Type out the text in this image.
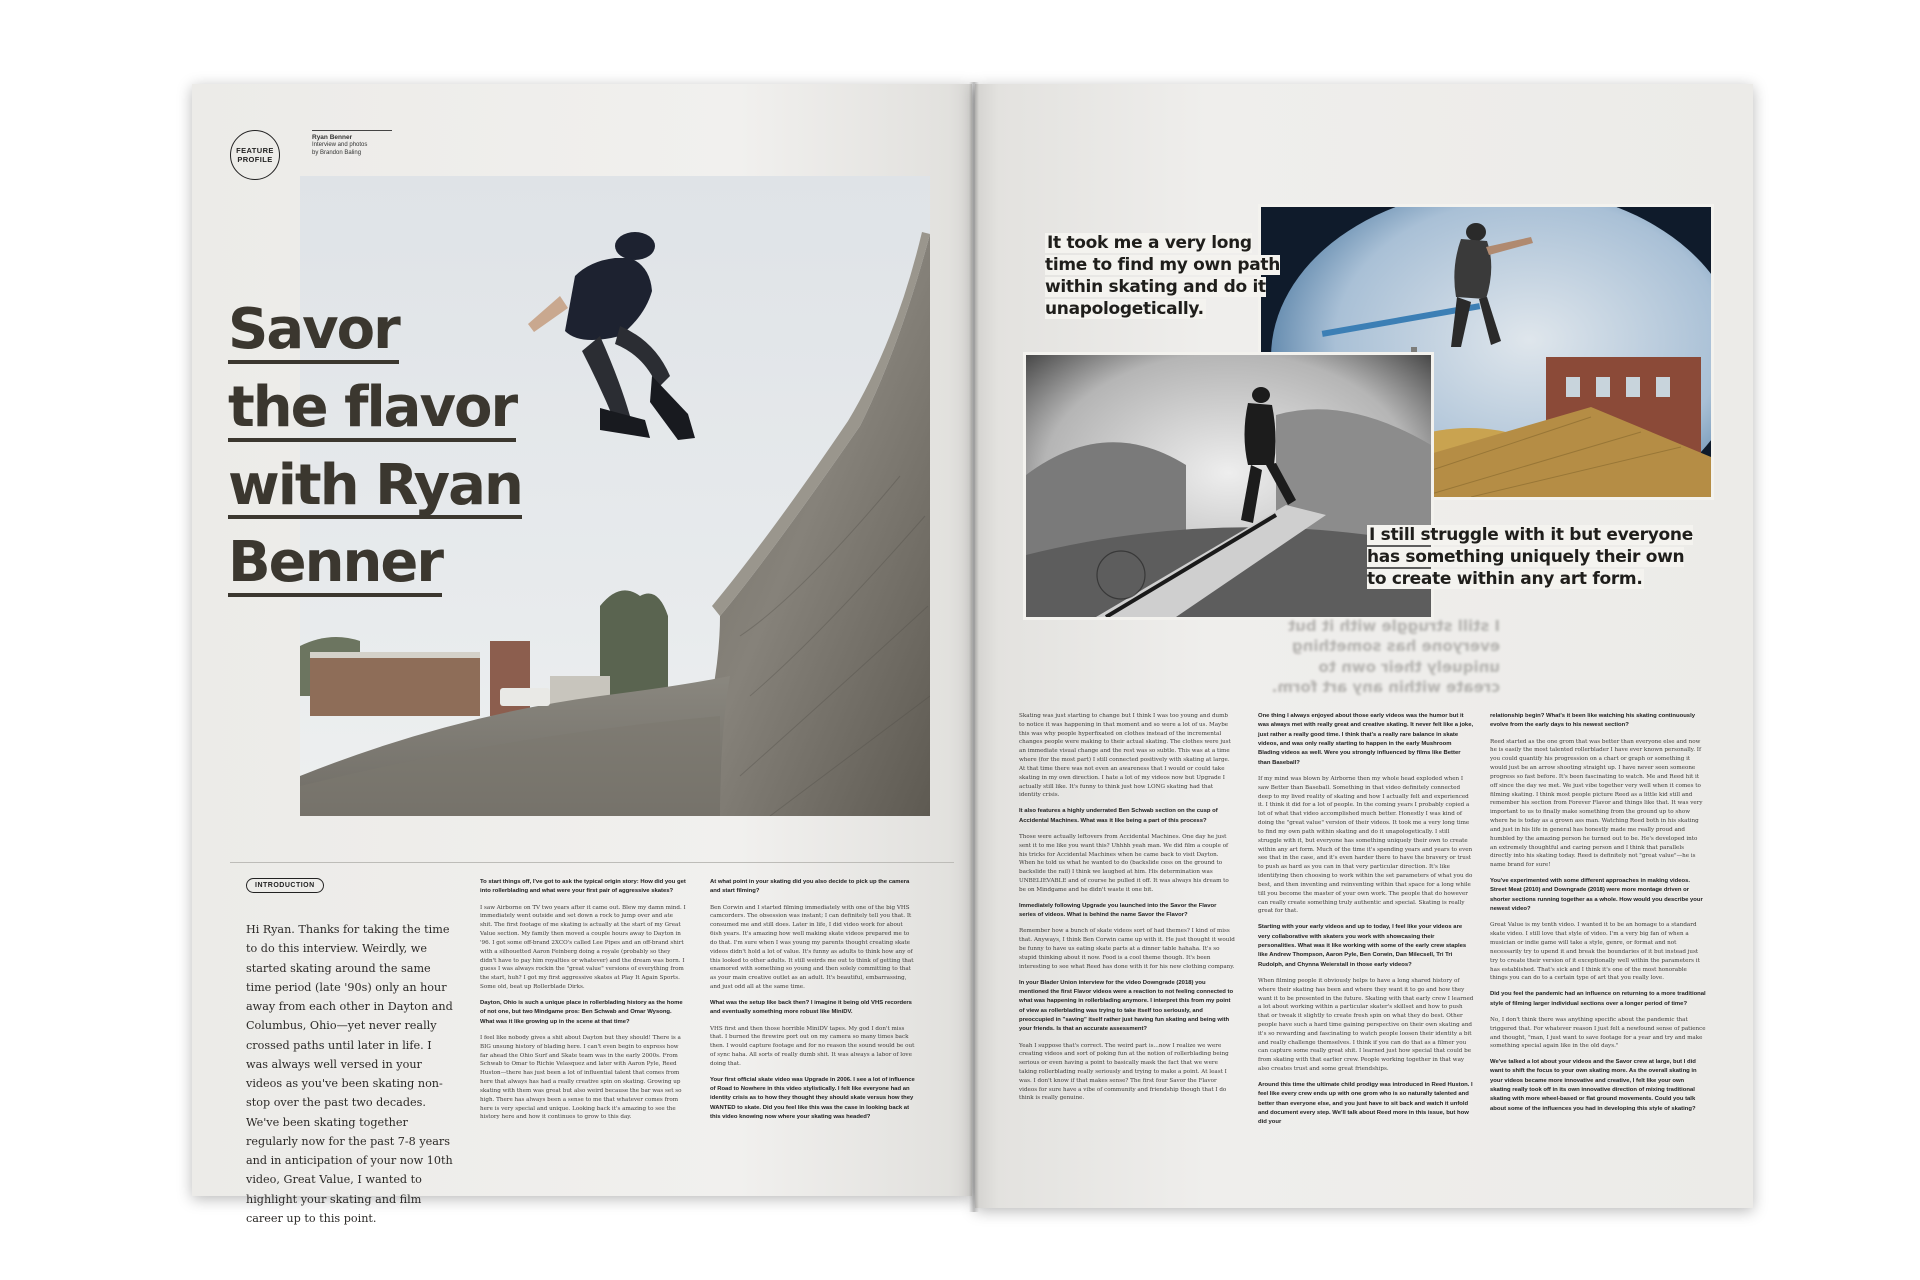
FEATURE
PROFILE
Ryan Benner
Interview and photos
by Brandon Baling
Savor
the flavor
with Ryan
Benner
INTRODUCTION
Hi Ryan. Thanks for taking the time to do this interview. Weirdly, we started skating around the same time period (late '90s) only an hour away from each other in Dayton and Columbus, Ohio—yet never really crossed paths until later in life. I was always well versed in your videos as you've been skating non-stop over the past two decades. We've been skating together regularly now for the past 7-8 years and in anticipation of your now 10th video, Great Value, I wanted to highlight your skating and film career up to this point.

To start things off, I've got to ask the typical origin story: How did you get into rollerblading and what were your first pair of aggressive skates?

I saw Airborne on TV two years after it came out. Blew my damn mind. I immediately went outside and set down a rock to jump over and ate shit. The first footage of me skating is actually at the start of my Great Value section. My family then moved a couple hours away to Dayton in '96. I got some off-brand 2XCO's called Lee Pipes and an off-brand shirt with a silhouetted Aaron Feinberg doing a royale (probably so they didn't have to pay him royalties or whatever) and the dream was born. I guess I was always rockin the "great value" versions of everything from the start, huh? I got my first aggressive skates at Play It Again Sports. Some old, beat up Rollerblade Dirks.

Dayton, Ohio is such a unique place in rollerblading history as the home of not one, but two Mindgame pros: Ben Schwab and Omar Wysong. What was it like growing up in the scene at that time?

I feel like nobody gives a shit about Dayton but they should! There is a BIG unsung history of blading here. I can't even begin to express how far ahead the Ohio Surf and Skate team was in the early 2000s. From Schwab to Omar to Richie Velasquez and later with Aaron Pyle, Reed Huston—there has just been a lot of influential talent that comes from here that always has had a really creative spin on skating. Growing up skating with them was great but also weird because the bar was set so high. There has always been a sense to me that whatever comes from here is very special and unique. Looking back it's amazing to see the history here and how it continues to grow to this day.

At what point in your skating did you also decide to pick up the camera and start filming?

Ben Corwin and I started filming immediately with one of the big VHS camcorders. The obsession was instant; I can definitely tell you that. It consumed me and still does. Later in life, I did video work for about 6ish years. It's amazing how well making skate videos prepared me to do that. I'm sure when I was young my parents thought creating skate videos didn't hold a lot of value. It's funny as adults to think how any of this looked to other adults. It still weirds me out to think of getting that enamored with something so young and then solely committing to that as your main creative outlet as an adult. It's beautiful, embarrassing, and just odd all at the same time.

What was the setup like back then? I imagine it being old VHS recorders and eventually something more robust like MiniDV.

VHS first and then those horrible MiniDV tapes. My god I don't miss that. I burned the firewire port out on my camera so many times back then. I would capture footage and for no reason the sound would be out of sync haha. All sorts of really dumb shit. It was always a labor of love doing that.

Your first official skate video was Upgrade in 2006. I see a lot of influence of Road to Nowhere in this video stylistically. I felt like everyone had an identity crisis as to how they thought they should skate versus how they WANTED to skate. Did you feel like this was the case in looking back at this video knowing now where your skating was headed?

It took me a very long time to find my own path within skating and do it unapologetically.
I still struggle with it but everyone has something uniquely their own to create within any art form.
I still struggle with it but everyone has something uniquely their own to create within any art form.

Skating was just starting to change but I think I was too young and dumb to notice it was happening in that moment and so were a lot of us. Maybe this was why people hyperfixated on clothes instead of the incremental changes people were making to their actual skating. The clothes were just an immediate visual change and the rest was so subtle. This was at a time where (for the most part) I still connected positively with skating at large. At that time there was not even an awareness that I would or could take skating in my own direction. I hate a lot of my videos now but Upgrade I actually still like. It's funny to think just how LONG skating had that identity crisis.

It also features a highly underrated Ben Schwab section on the cusp of Accidental Machines. What was it like being a part of this process?

Those were actually leftovers from Accidental Machines. One day he just sent it to me like you want this? Uhhhh yeah man. We did film a couple of his tricks for Accidental Machines when he came back to visit Dayton. When he told us what he wanted to do (backslide cess on the ground to backslide the rail) I think we laughed at him. His determination was UNBELIEVABLE and of course he pulled it off. It was always his dream to be on Mindgame and he didn't waste it one bit.

Immediately following Upgrade you launched into the Savor the Flavor series of videos. What is behind the name Savor the Flavor?

Remember how a bunch of skate videos sort of had themes? I kind of miss that. Anyways, I think Ben Corwin came up with it. He just thought it would be funny to have us eating skate parts at a dinner table hahaha. It's so stupid thinking about it now. Food is a cool theme though. It's been interesting to see what Reed has done with it for his new clothing company.

In your Blader Union interview for the video Downgrade (2018) you mentioned the first Flavor videos were a reaction to not feeling connected to what was happening in rollerblading anymore. I interpret this from my point of view as rollerblading was trying to take itself too seriously, and preoccupied in "saving" itself rather just having fun skating and being with your friends. Is that an accurate assessment?

Yeah I suppose that's correct. The weird part is...now I realize we were creating videos and sort of poking fun at the notion of rollerblading being serious or even having a point to basically mask the fact that we were taking rollerblading really seriously and trying to make a point. At least I was. I don't know if that makes sense? The first four Savor the Flavor videos for sure have a vibe of community and friendship though that I do think is really genuine.

One thing I always enjoyed about those early videos was the humor but it was always met with really great and creative skating. It never felt like a joke, just rather a really good time. I think that's a really rare balance in skate videos, and was only really starting to happen in the early Mushroom Blading videos as well. Were you strongly influenced by films like Better than Baseball?

If my mind was blown by Airborne then my whole head exploded when I saw Better than Baseball. Something in that video definitely connected deep to my lived reality of skating and how I actually felt and experienced it. I think it did for a lot of people. In the coming years I probably copied a lot of what that video accomplished much better. Honestly I was kind of doing the "great value" version of their videos. It took me a very long time to find my own path within skating and do it unapologetically. I still struggle with it, but everyone has something uniquely their own to create within any art form. Much of the time it's spending years and years to even see that in the case, and it's even harder there to have the bravery or trust to push as hard as you can in that very particular direction. It's like identifying then choosing to work within the set parameters of what you do best, and then inventing and reinventing within that space for a long while till you become the master of your own work. The people that do however can really create something truly authentic and special. Skating is really great for that.

Starting with your early videos and up to today, I feel like your videos are very collaborative with skaters you work with showcasing their personalities. What was it like working with some of the early crew staples like Andrew Thompson, Aaron Pyle, Ben Corwin, Dan Milecsell, Tri Tri Rudolph, and Chynna Weierstall in those early videos?

When filming people it obviously helps to have a long shared history of where their skating has been and where they want it to go and how they want it to be presented in the future. Skating with that early crew I learned a lot about working within a particular skater's skillset and how to push that or tweak it slightly to create fresh spin on what they do best. Other people have such a hard time gaining perspective on their own skating and it's so rewarding and fascinating to watch people loosen their identity a bit and really challenge themselves. I think if you can do that as a filmer you can capture some really great shit. I learned just how special that could be from skating with that earlier crew. People working together in that way also creates trust and some great friendships.

Around this time the ultimate child prodigy was introduced in Reed Huston. I feel like every crew ends up with one grom who is so naturally talented and better than everyone else, and you just have to sit back and watch it unfold and document every step. We'll talk about Reed more in this issue, but how did your

relationship begin? What's it been like watching his skating continuously evolve from the early days to his newest section?

Reed started as the one grom that was better than everyone else and now he is easily the most talented rollerblader I have ever known personally. If you could quantify his progression on a chart or graph or something it would just be an arrow shooting straight up. I have never seen someone progress so fast before. It's been fascinating to watch. Me and Reed hit it off since the day we met. We just vibe together very well when it comes to filming skating. I think most people picture Reed as a little kid still and remember his section from Forever Flavor and things like that. It was very important to us to finally make something from the ground up to show where he is today as a grown ass man. Watching Reed both in his skating and just in his life in general has honestly made me really proud and humbled by the amazing person he turned out to be. He's developed into an extremely thoughtful and caring person and I think that parallels directly into his skating today. Reed is definitely not "great value"—he is name brand for sure!

You've experimented with some different approaches in making videos. Street Meat (2010) and Downgrade (2018) were more montage driven or shorter sections running together as a whole. How would you describe your newest video?

Great Value is my tenth video. I wanted it to be an homage to a standard skate video. I still love that style of video. I'm a very big fan of when a musician or indie game will take a style, genre, or format and not necessarily try to upend it and break the boundaries of it but instead just try to create their version of it exceptionally well within the parameters it has established. That's sick and I think it's one of the most honorable things you can do to a certain type of art that you really love.

Did you feel the pandemic had an influence on returning to a more traditional style of filming larger individual sections over a longer period of time?

No, I don't think there was anything specific about the pandemic that triggered that. For whatever reason I just felt a newfound sense of patience and thought, "man, I just want to save footage for a year and try and make something special again like in the old days."

We've talked a lot about your videos and the Savor crew at large, but I did want to shift the focus to your own skating more. As the overall skating in your videos became more innovative and creative, I felt like your own skating really took off in its own innovative direction of mixing traditional skating with more wheel-based or flat ground movements. Could you talk about some of the influences you had in developing this style of skating?
